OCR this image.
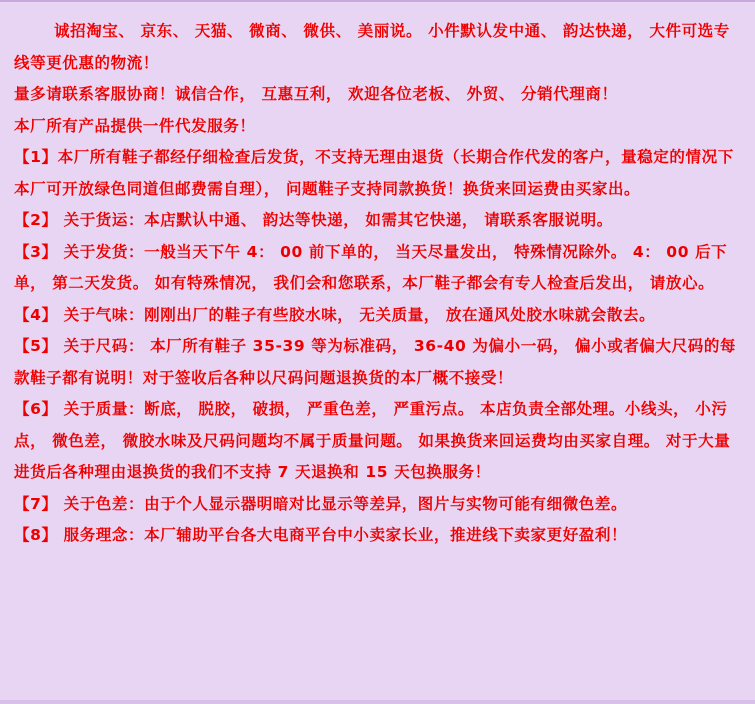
诚招淘宝、 京东、 天猫、 微商、 微供、 美丽说。 小件默认发中通、 韵达快递， 大件可选专线等更优惠的物流！

量多请联系客服协商！诚信合作， 互惠互利， 欢迎各位老板、 外贸、 分销代理商！

本厂所有产品提供一件代发服务！

【1】本厂所有鞋子都经仔细检查后发货，不支持无理由退货（长期合作代发的客户，量稳定的情况下本厂可开放绿色同道但邮费需自理）， 问题鞋子支持同款换货！换货来回运费由买家出。

【2】 关于货运：本店默认中通、 韵达等快递， 如需其它快递， 请联系客服说明。

【3】 关于发货：一般当天下午 4： 00 前下单的， 当天尽量发出， 特殊情况除外。 4： 00 后下单， 第二天发货。 如有特殊情况， 我们会和您联系，本厂鞋子都会有专人检查后发出， 请放心。

【4】 关于气味：刚刚出厂的鞋子有些胶水味， 无关质量， 放在通风处胶水味就会散去。

【5】 关于尺码： 本厂所有鞋子 35-39 等为标准码， 36-40 为偏小一码， 偏小或者偏大尺码的每款鞋子都有说明！对于签收后各种以尺码问题退换货的本厂概不接受！

【6】 关于质量：断底， 脱胶， 破损， 严重色差， 严重污点。 本店负责全部处理。小线头， 小污点， 微色差， 微胶水味及尺码问题均不属于质量问题。 如果换货来回运费均由买家自理。 对于大量进货后各种理由退换货的我们不支持 7 天退换和 15 天包换服务！

【7】 关于色差：由于个人显示器明暗对比显示等差异，图片与实物可能有细微色差。

【8】 服务理念：本厂辅助平台各大电商平台中小卖家长业，推进线下卖家更好盈利！
